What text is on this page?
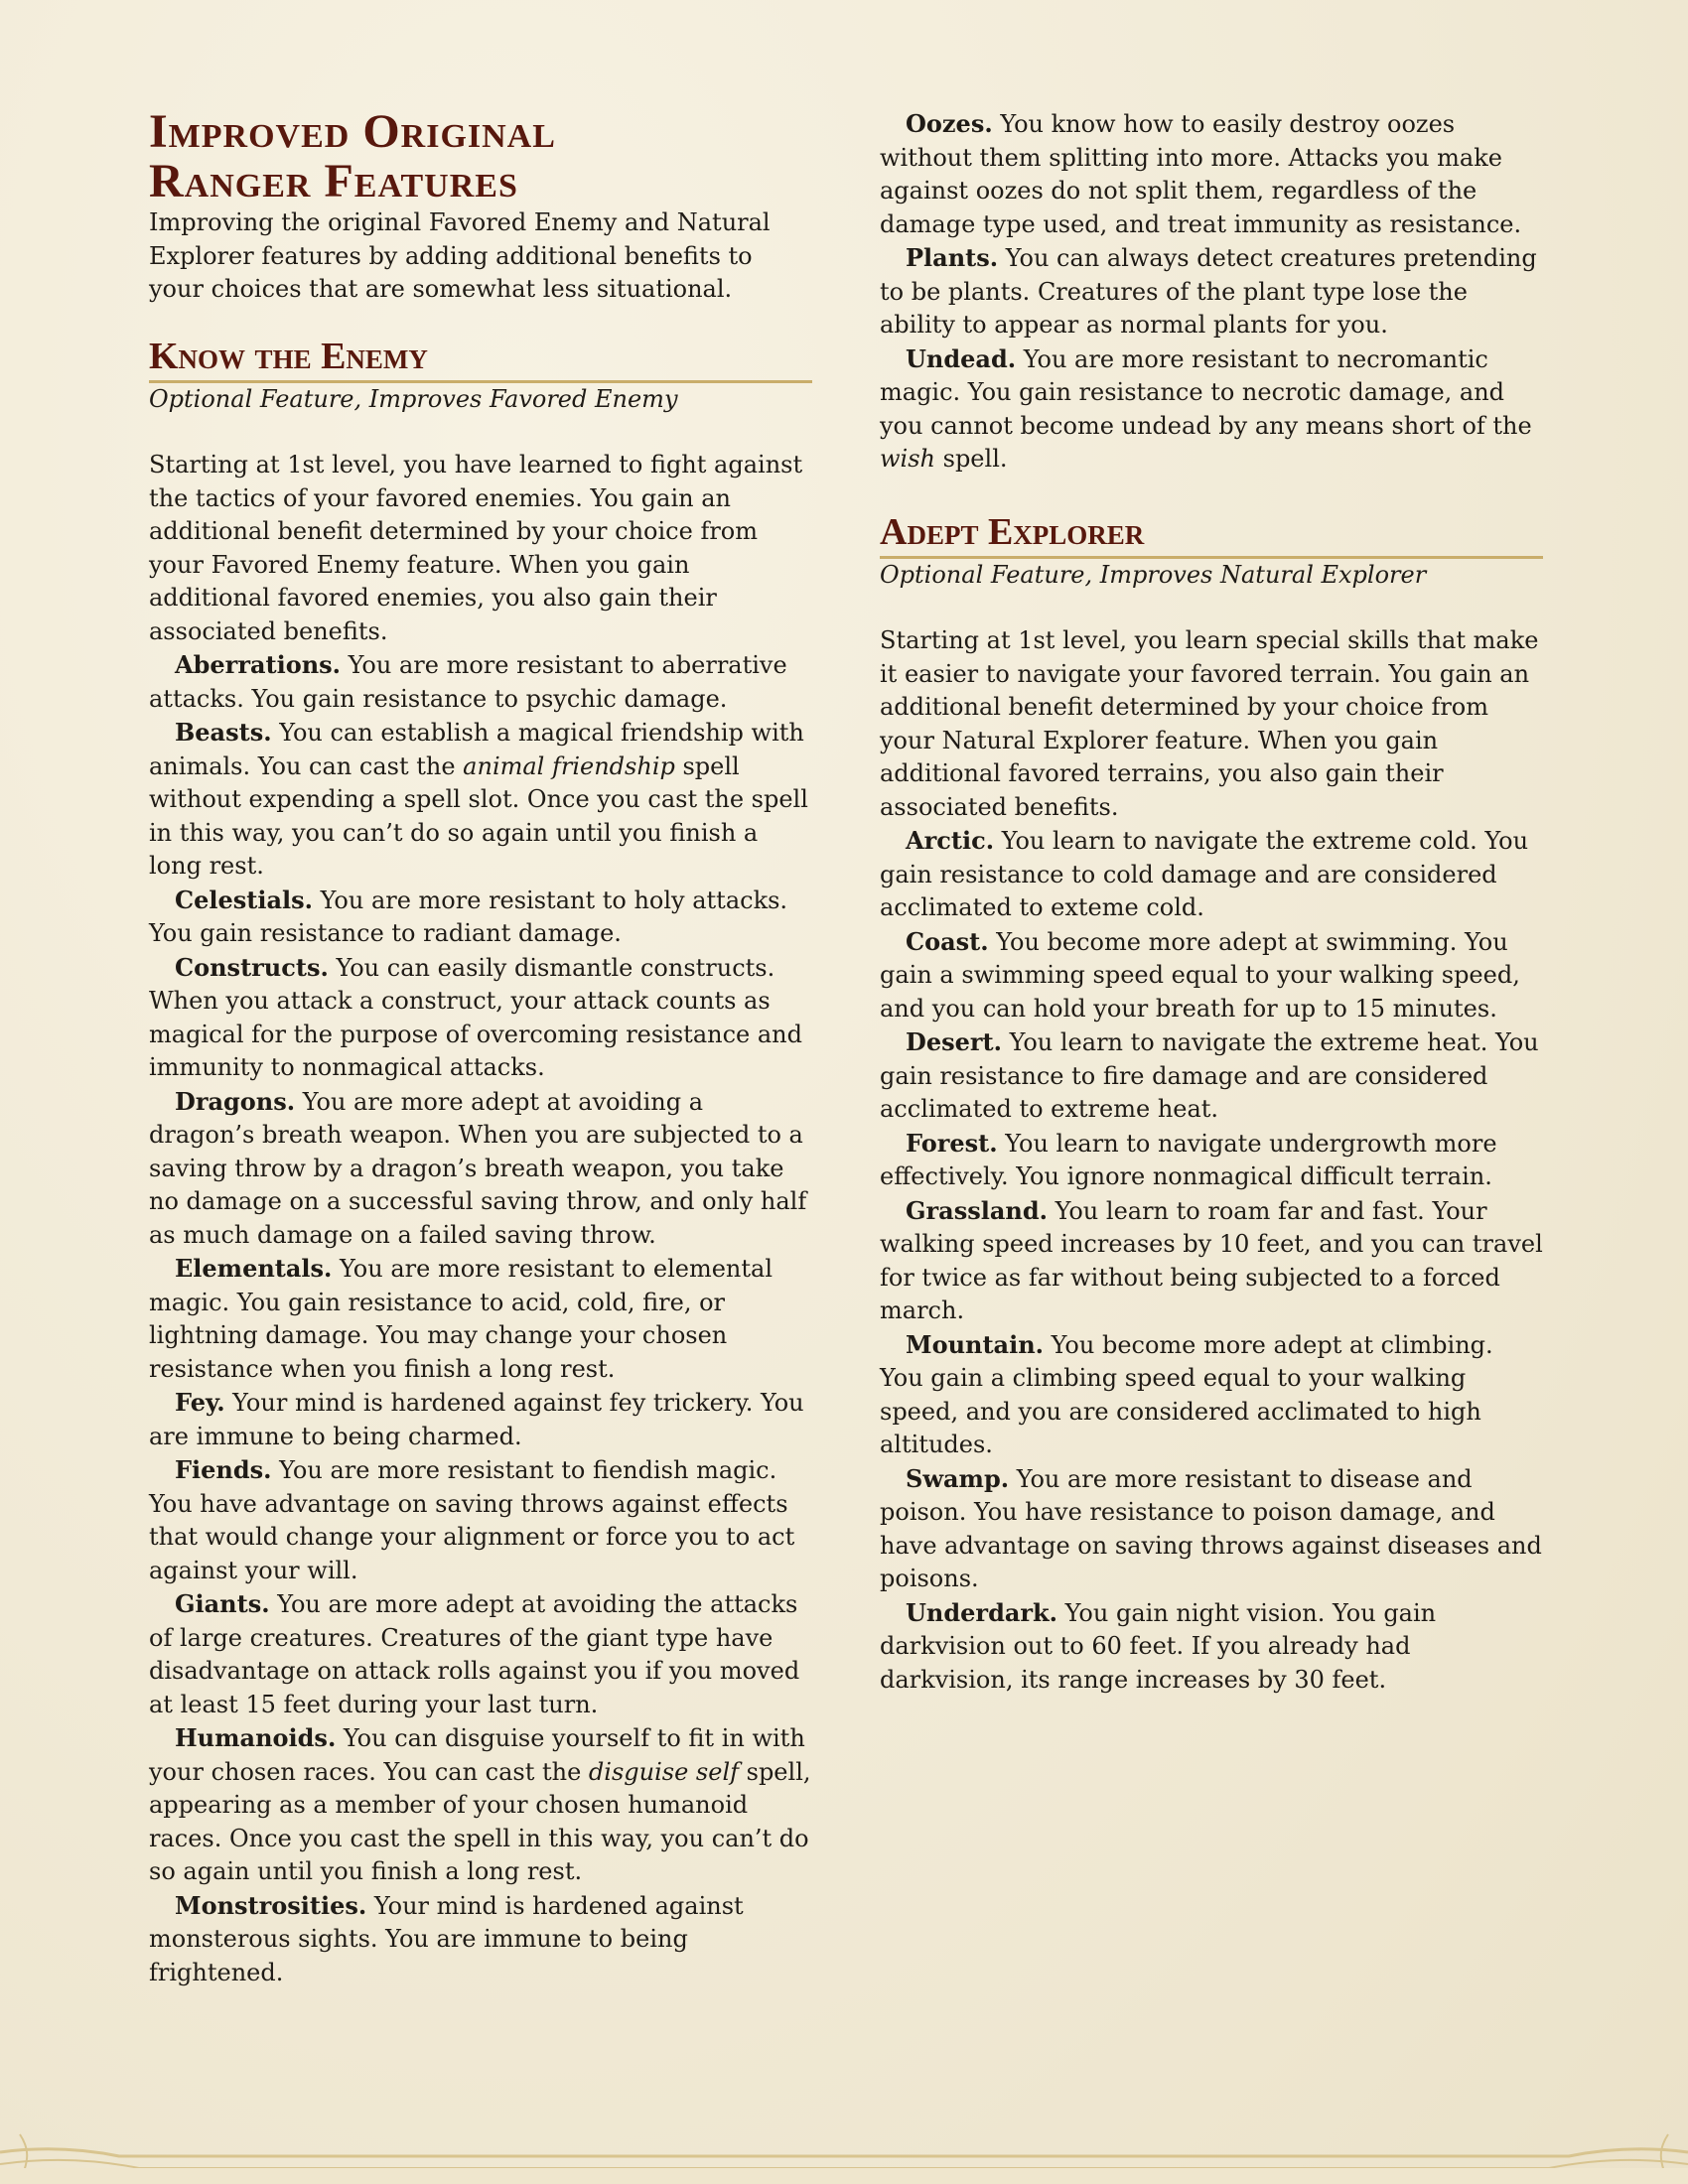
Improved Original
Ranger Features

Improving the original Favored Enemy and Natural Explorer features by adding additional benefits to your choices that are somewhat less situational.

Know the Enemy

Optional Feature, Improves Favored Enemy

Starting at 1st level, you have learned to fight against the tactics of your favored enemies. You gain an additional benefit determined by your choice from your Favored Enemy feature. When you gain additional favored enemies, you also gain their associated benefits.

Aberrations. You are more resistant to aberrative attacks. You gain resistance to psychic damage.

Beasts. You can establish a magical friendship with animals. You can cast the animal friendship spell without expending a spell slot. Once you cast the spell in this way, you can’t do so again until you finish a long rest.

Celestials. You are more resistant to holy attacks. You gain resistance to radiant damage.

Constructs. You can easily dismantle constructs. When you attack a construct, your attack counts as magical for the purpose of overcoming resistance and immunity to nonmagical attacks.

Dragons. You are more adept at avoiding a dragon’s breath weapon. When you are subjected to a saving throw by a dragon’s breath weapon, you take no damage on a successful saving throw, and only half as much damage on a failed saving throw.

Elementals. You are more resistant to elemental magic. You gain resistance to acid, cold, fire, or lightning damage. You may change your chosen resistance when you finish a long rest.

Fey. Your mind is hardened against fey trickery. You are immune to being charmed.

Fiends. You are more resistant to fiendish magic. You have advantage on saving throws against effects that would change your alignment or force you to act against your will.

Giants. You are more adept at avoiding the attacks of large creatures. Creatures of the giant type have disadvantage on attack rolls against you if you moved at least 15 feet during your last turn.

Humanoids. You can disguise yourself to fit in with your chosen races. You can cast the disguise self spell, appearing as a member of your chosen humanoid races. Once you cast the spell in this way, you can’t do so again until you finish a long rest.

Monstrosities. Your mind is hardened against monsterous sights. You are immune to being frightened.

Oozes. You know how to easily destroy oozes without them splitting into more. Attacks you make against oozes do not split them, regardless of the damage type used, and treat immunity as resistance.

Plants. You can always detect creatures pretending to be plants. Creatures of the plant type lose the ability to appear as normal plants for you.

Undead. You are more resistant to necromantic magic. You gain resistance to necrotic damage, and you cannot become undead by any means short of the wish spell.

Adept Explorer

Optional Feature, Improves Natural Explorer

Starting at 1st level, you learn special skills that make it easier to navigate your favored terrain. You gain an additional benefit determined by your choice from your Natural Explorer feature. When you gain additional favored terrains, you also gain their associated benefits.

Arctic. You learn to navigate the extreme cold. You gain resistance to cold damage and are considered acclimated to exteme cold.

Coast. You become more adept at swimming. You gain a swimming speed equal to your walking speed, and you can hold your breath for up to 15 minutes.

Desert. You learn to navigate the extreme heat. You gain resistance to fire damage and are considered acclimated to extreme heat.

Forest. You learn to navigate undergrowth more effectively. You ignore nonmagical difficult terrain.

Grassland. You learn to roam far and fast. Your walking speed increases by 10 feet, and you can travel for twice as far without being subjected to a forced march.

Mountain. You become more adept at climbing. You gain a climbing speed equal to your walking speed, and you are considered acclimated to high altitudes.

Swamp. You are more resistant to disease and poison. You have resistance to poison damage, and have advantage on saving throws against diseases and poisons.

Underdark. You gain night vision. You gain darkvision out to 60 feet. If you already had darkvision, its range increases by 30 feet.
